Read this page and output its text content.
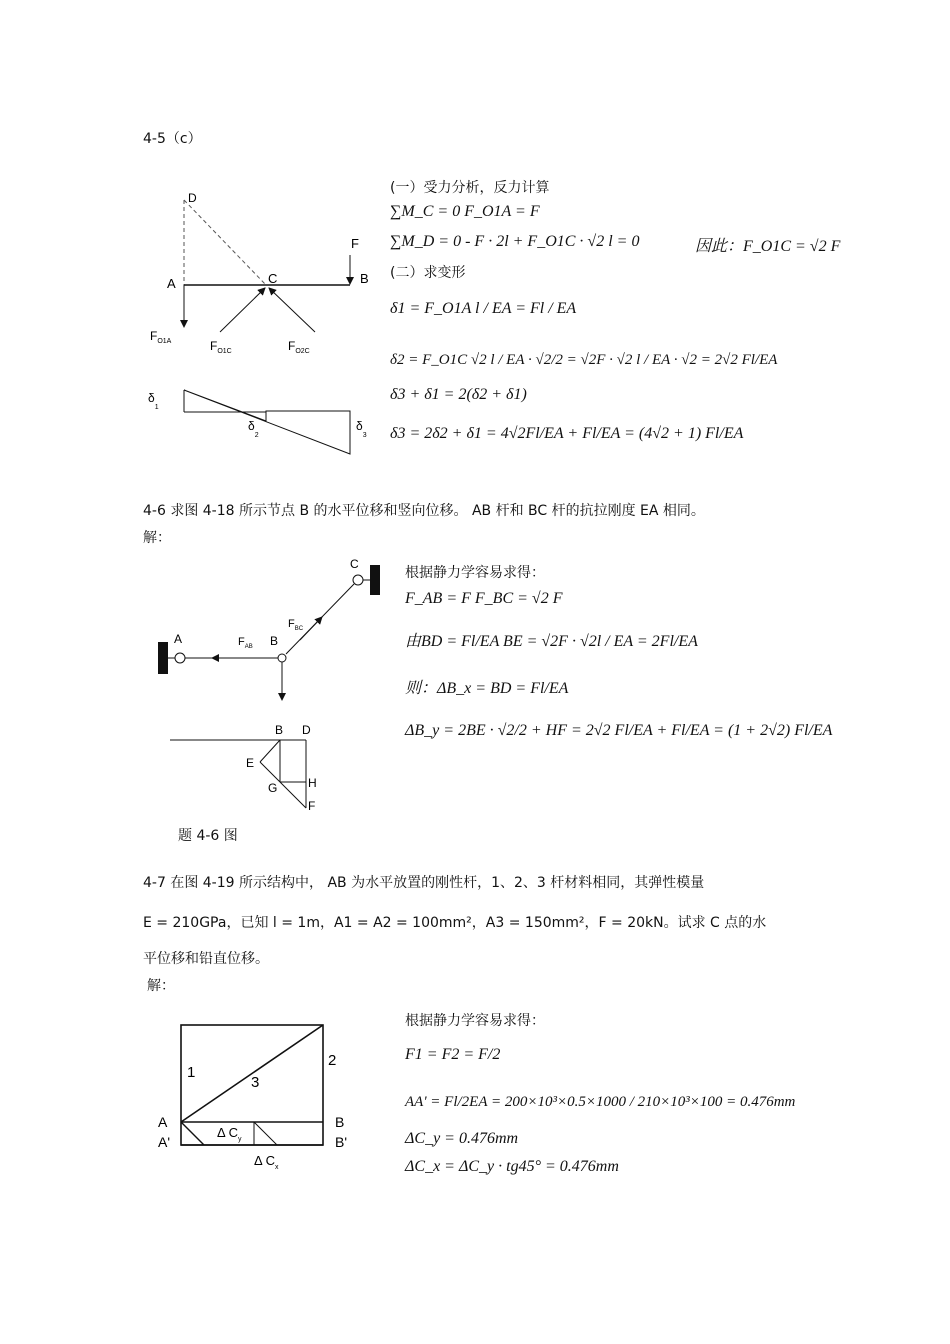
4-5（c）
D
F
A	C	B
$F_{O1A}$	$F_{O1C}$	$F_{O2C}$
$\delta_1$
$\delta_2$
$\delta_3$
(一）受力分析，反力计算
∑M_C = 0 F_O1A = F
∑M_D = 0 - F · 2l + F_O1C · √2 l = 0	因此：F_O1C = √2 F
(二）求变形
δ1 = F_O1A l / EA = Fl / EA
δ2 = F_O1C √2 l / EA · √2/2 = √2F · √2 l / EA · √2 = 2√2 Fl/EA
δ3 + δ1 = 2(δ2 + δ1)
δ3 = 2δ2 + δ1 = 4√2Fl/EA + Fl/EA = (4√2 + 1) Fl/EA
4-6 求图 4-18 所示节点 B 的水平位移和竖向位移。 AB 杆和 BC 杆的抗拉刚度 EA 相同。
解：
C
$F_{BC}$
B
A	$F_{AB}$
B D
E
G	H
F
题 4-6 图
根据静力学容易求得：
F_AB = F F_BC = √2 F
由BD = Fl/EA BE = √2F · √2l / EA = 2Fl/EA
则：ΔB_x = BD = Fl/EA
ΔB_y = 2BE · √2/2 + HF = 2√2 Fl/EA + Fl/EA = (1 + 2√2) Fl/EA
4-7 在图 4-19 所示结构中， AB 为水平放置的刚性杆，1、2、3 杆材料相同，其弹性模量
E = 210GPa，已知 l = 1m，A1 = A2 = 100mm²，A3 = 150mm²，F = 20kN。试求 C 点的水
平位移和铅直位移。
解：
1
2
3
A
A'
B
B'
Δ $C_y$
Δ $C_x$
根据静力学容易求得：
F1 = F2 = F/2
AA' = Fl/2EA = 200×10³×0.5×1000 / 210×10³×100 = 0.476mm
ΔC_y = 0.476mm
ΔC_x = ΔC_y · tg45° = 0.476mm
